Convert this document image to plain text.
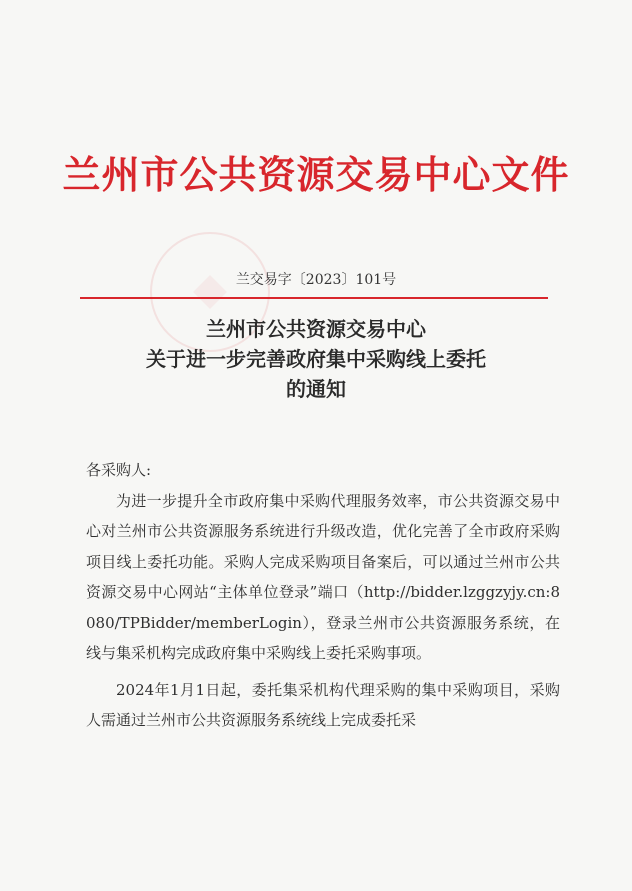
兰州市公共资源交易中心文件
兰交易字〔2023〕101号
兰州市公共资源交易中心
关于进一步完善政府集中采购线上委托
的通知

各采购人:

为进一步提升全市政府集中采购代理服务效率，市公共资源交易中心对兰州市公共资源服务系统进行升级改造，优化完善了全市政府采购项目线上委托功能。采购人完成采购项目备案后，可以通过兰州市公共资源交易中心网站“主体单位登录”端口（http://bidder.lzggzyjy.cn:8080/TPBidder/memberLogin），登录兰州市公共资源服务系统，在线与集采机构完成政府集中采购线上委托采购事项。

2024年1月1日起，委托集采机构代理采购的集中采购项目，采购人需通过兰州市公共资源服务系统线上完成委托采
